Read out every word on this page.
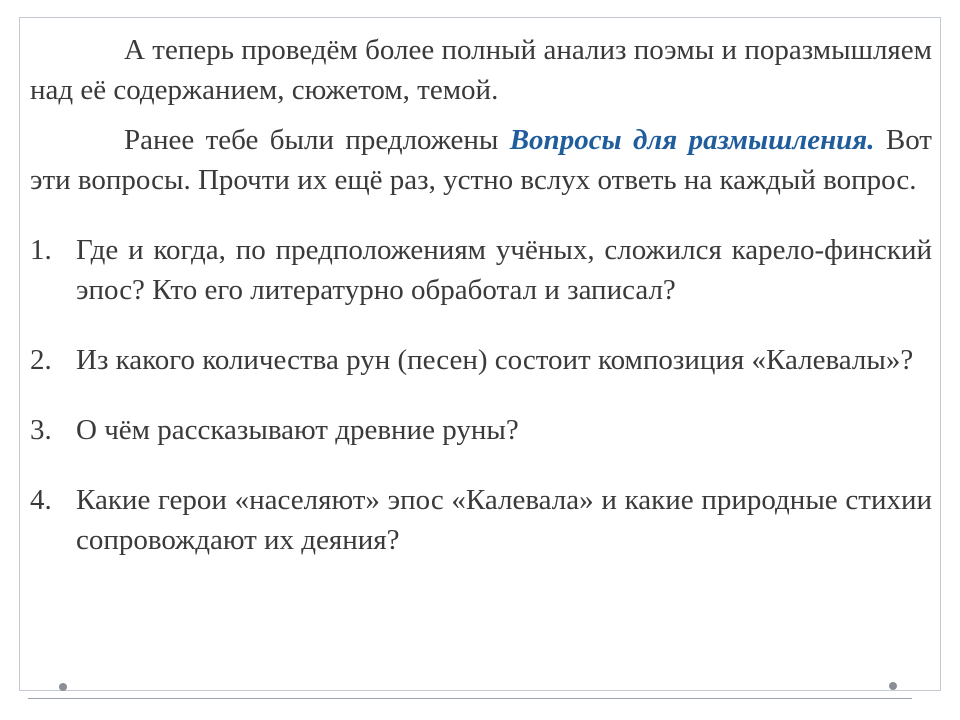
А теперь проведём более полный анализ поэмы и поразмышляем над её содержанием, сюжетом, темой.

Ранее тебе были предложены Вопросы для размышления. Вот эти вопросы. Прочти их ещё раз, устно вслух ответь на каждый вопрос.

1. Где и когда, по предположениям учёных, сложился карело-финский эпос? Кто его литературно обработал и записал?
2. Из какого количества рун (песен) состоит композиция «Калевалы»?
3. О чём рассказывают древние руны?
4. Какие герои «населяют» эпос «Калевала» и какие природные стихии сопровождают их деяния?
